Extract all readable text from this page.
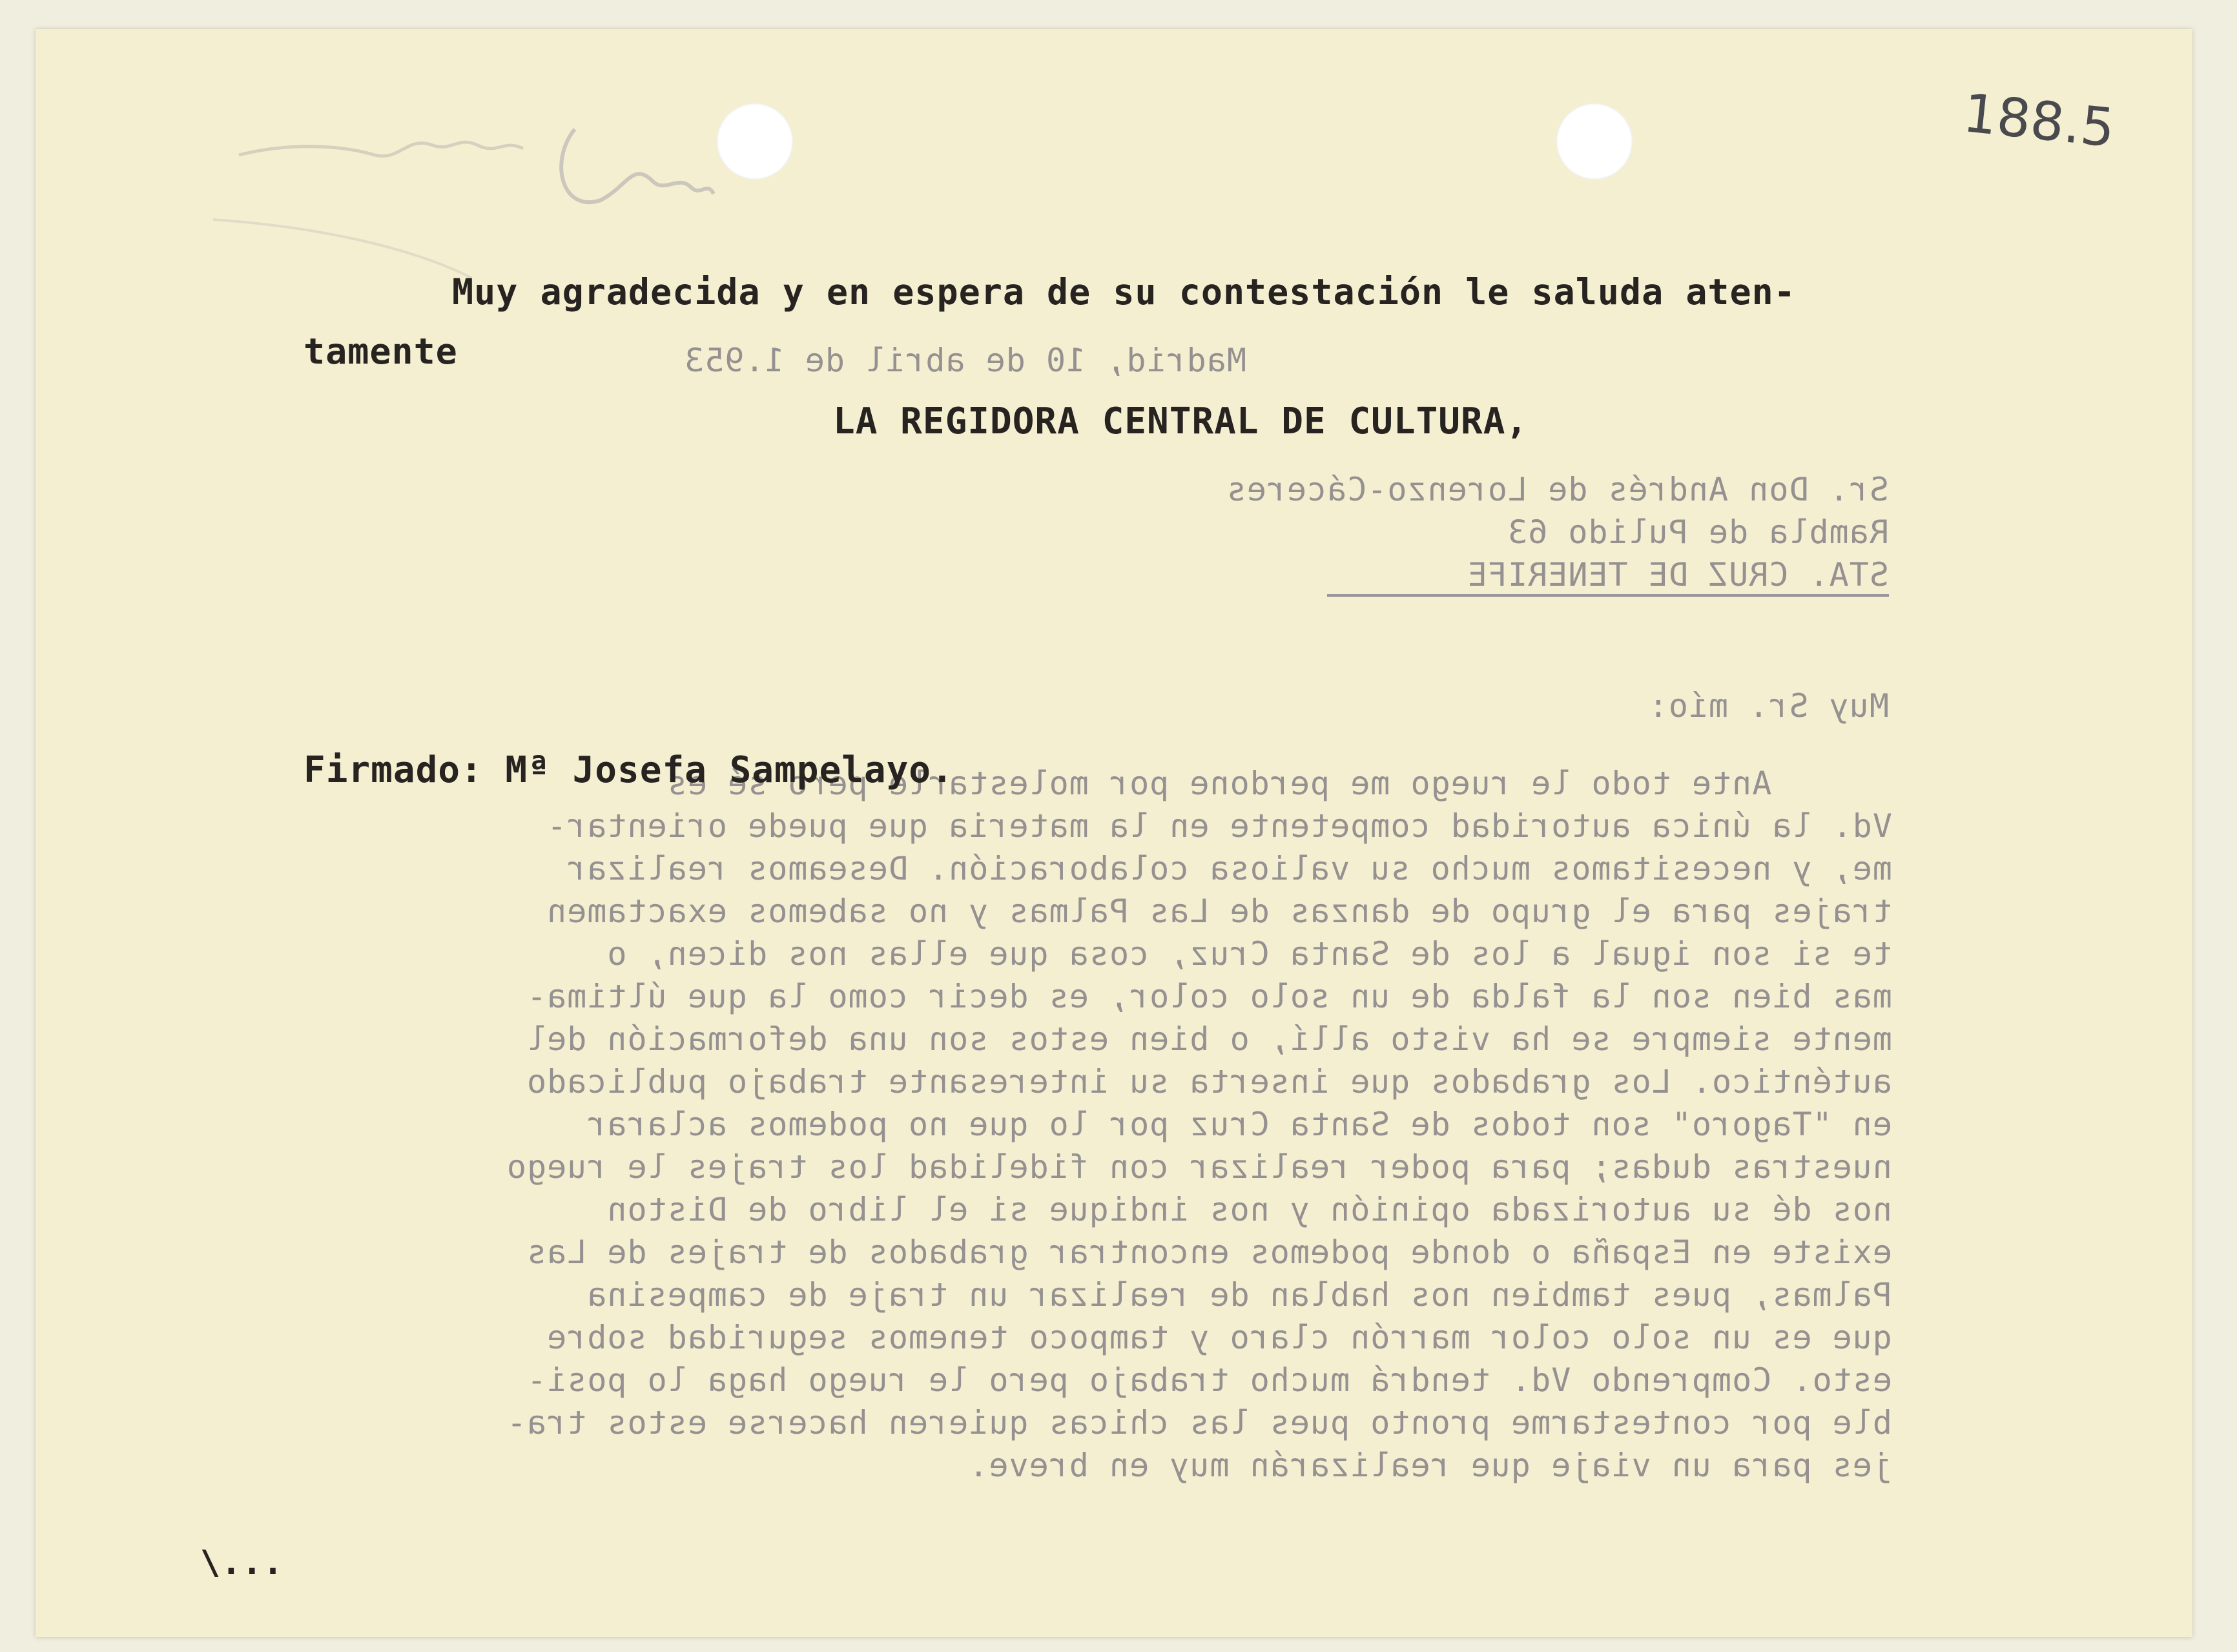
188.5
Madrid, 10 de abril de 1.953
Sr. Don Andrés de Lorenzo-Cáceres
Rambla de Pulido 63
STA. CRUZ DE TENERIFE
Muy Sr. mío:
Ante todo le ruego me perdone por molestarle pero sé es
Vd. la única autoridad competente en la materia que puede orientar-
me, y necesitamos mucho su valiosa colaboración. Deseamos realizar
trajes para el grupo de danzas de Las Palmas y no sabemos exactamen
te si son igual a los de Santa Cruz, cosa que ellas nos dicen, o
mas bien son la falda de un solo color, es decir como la que última-
mente siempre se ha visto allí, o bien estos son una deformación del
auténtico. Los grabados que inserta su interesante trabajo publicado
en "Tagoro" son todos de Santa Cruz por lo que no podemos aclarar
nuestras dudas; para poder realizar con fidelidad los trajes le ruego
nos dé su autorizada opinión y nos indique si el libro de Diston
existe en España o donde podemos encontrar grabados de trajes de Las
Palmas, pues tambien nos hablan de realizar un traje de campesina
que es un solo color marrón claro y tampoco tenemos seguridad sobre
esto. Comprendo Vd. tendrá mucho trabajo pero le ruego haga lo posi-
ble por contestarme pronto pues las chicas quieren hacerse estos tra-
jes para un viaje que realizarán muy en breve.

Muy agradecida y en espera de su contestación le saluda aten-

tamente

LA REGIDORA CENTRAL DE CULTURA,

Firmado: Mª Josefa Sampelayo.

\...
